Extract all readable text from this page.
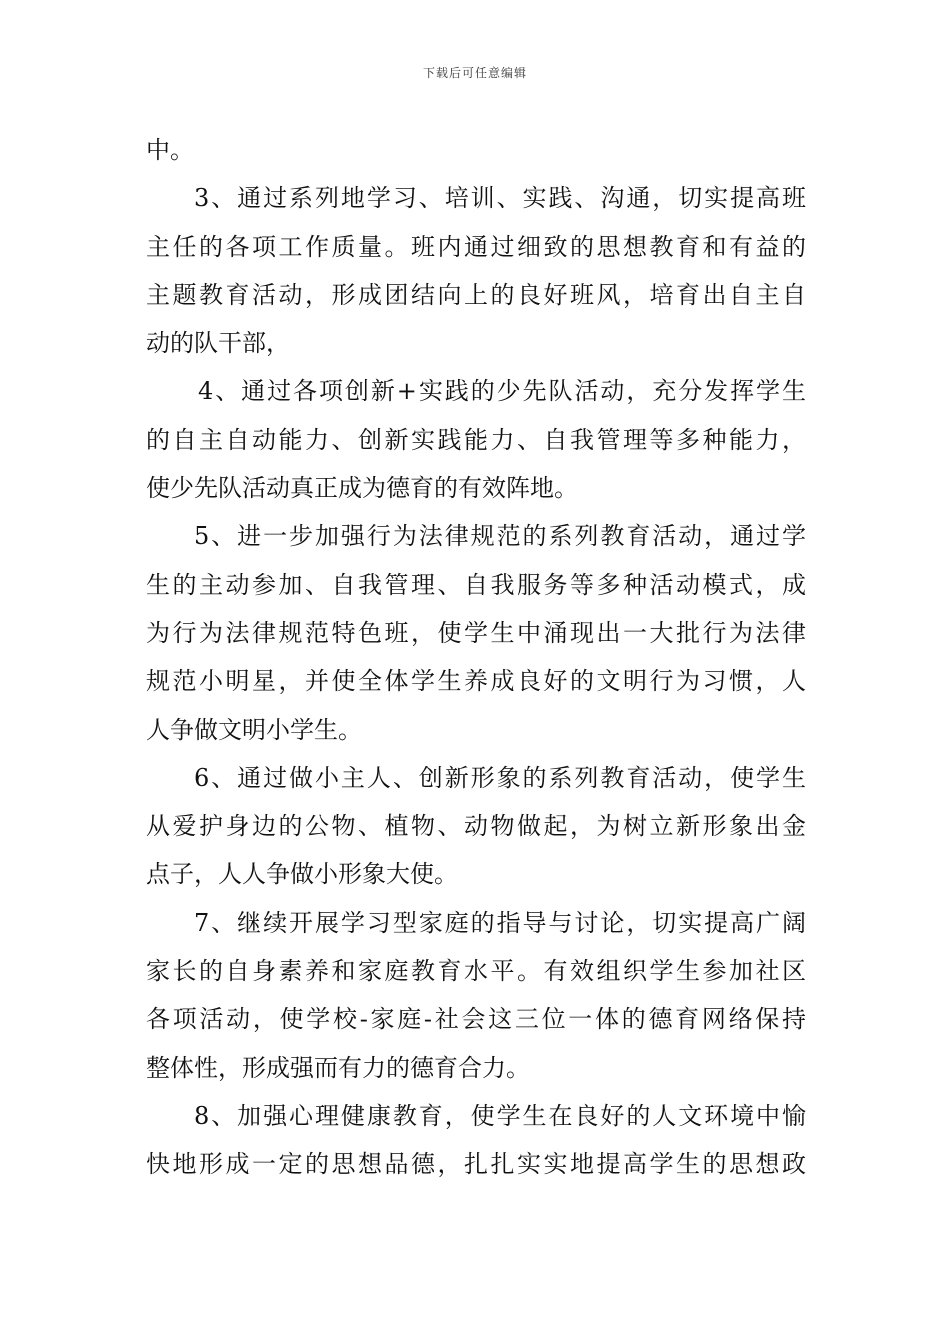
下载后可任意编辑
中。
3、通过系列地学习、培训、实践、沟通，切实提高班
主任的各项工作质量。班内通过细致的思想教育和有益的
主题教育活动，形成团结向上的良好班风，培育出自主自
动的队干部，
4、通过各项创新+实践的少先队活动，充分发挥学生
的自主自动能力、创新实践能力、自我管理等多种能力，
使少先队活动真正成为德育的有效阵地。
5、进一步加强行为法律规范的系列教育活动，通过学
生的主动参加、自我管理、自我服务等多种活动模式，成
为行为法律规范特色班，使学生中涌现出一大批行为法律
规范小明星，并使全体学生养成良好的文明行为习惯，人
人争做文明小学生。
6、通过做小主人、创新形象的系列教育活动，使学生
从爱护身边的公物、植物、动物做起，为树立新形象出金
点子，人人争做小形象大使。
7、继续开展学习型家庭的指导与讨论，切实提高广阔
家长的自身素养和家庭教育水平。有效组织学生参加社区
各项活动，使学校-家庭-社会这三位一体的德育网络保持
整体性，形成强而有力的德育合力。
8、加强心理健康教育，使学生在良好的人文环境中愉
快地形成一定的思想品德，扎扎实实地提高学生的思想政
